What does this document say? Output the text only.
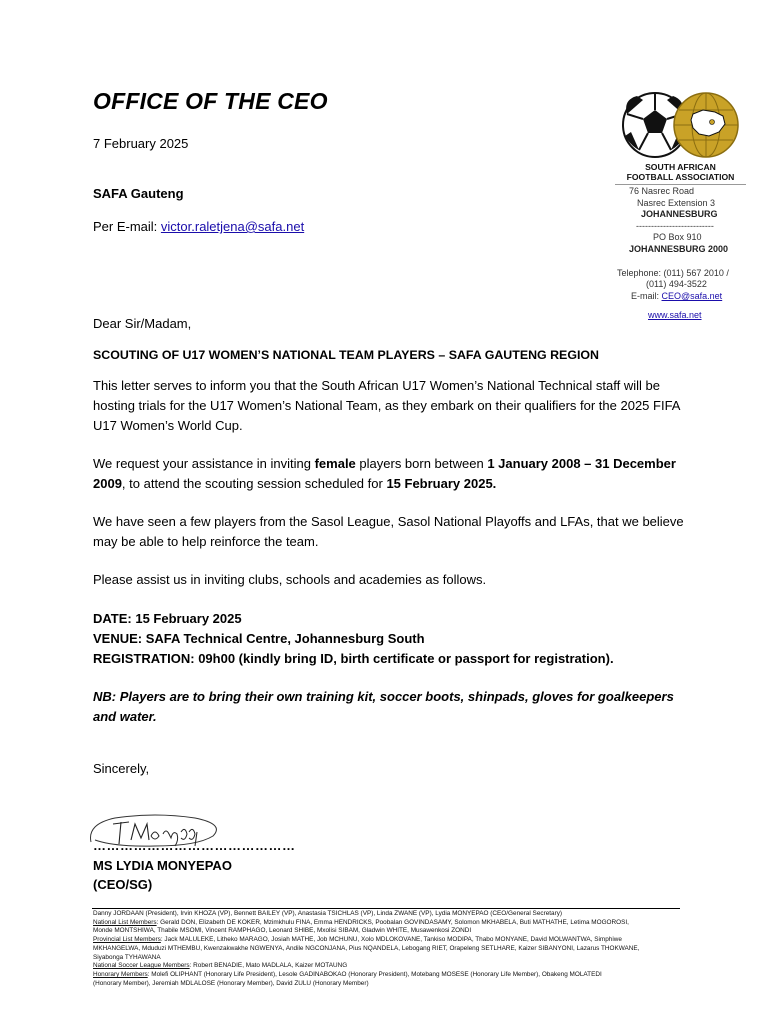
OFFICE OF THE CEO
7 February 2025
SAFA Gauteng
Per E-mail: victor.raletjena@safa.net
SOUTH AFRICAN
FOOTBALL ASSOCIATION
76 Nasrec Road
Nasrec Extension 3
JOHANNESBURG
--------------------------
PO Box 910
JOHANNESBURG 2000
Telephone: (011) 567 2010 /
(011) 494-3522
E-mail: CEO@safa.net
www.safa.net
Dear Sir/Madam,
SCOUTING OF U17 WOMEN’S NATIONAL TEAM PLAYERS – SAFA GAUTENG REGION
This letter serves to inform you that the South African U17 Women’s National Technical staff will be hosting trials for the U17 Women’s National Team, as they embark on their qualifiers for the 2025 FIFA U17 Women’s World Cup.
We request your assistance in inviting female players born between 1 January 2008 – 31 December 2009, to attend the scouting session scheduled for 15 February 2025.
We have seen a few players from the Sasol League, Sasol National Playoffs and LFAs, that we believe may be able to help reinforce the team.
Please assist us in inviting clubs, schools and academies as follows.
DATE: 15 February 2025
VENUE: SAFA Technical Centre, Johannesburg South
REGISTRATION: 09h00 (kindly bring ID, birth certificate or passport for registration).
NB: Players are to bring their own training kit, soccer boots, shinpads, gloves for goalkeepers and water.
Sincerely,
………………………………………
MS LYDIA MONYEPAO
(CEO/SG)
Danny JORDAAN (President), Irvin KHOZA (VP), Bennett BAILEY (VP), Anastasia TSICHLAS (VP), Linda ZWANE (VP), Lydia MONYEPAO (CEO/General Secretary)
National List Members: Gerald DON, Elizabeth DE KOKER, Mzimkhulu FINA, Emma HENDRICKS, Poobalan GOVINDASAMY, Solomon MKHABELA, Buti MATHATHE, Letima MOGOROSI,
Monde MONTSHIWA, Thabile MSOMI, Vincent RAMPHAGO, Leonard SHIBE, Mxolisi SIBAM, Gladwin WHITE, Musawenkosi ZONDI
Provincial List Members: Jack MALULEKE, Litheko MARAGO, Josiah MATHE, Job MCHUNU, Xolo MDLOKOVANE, Tankiso MODIPA, Thabo MONYANE, David MOLWANTWA, Simphiwe
MKHANGELWA, Mduduzi MTHEMBU, Kwenzakwakhe NGWENYA, Andile NGCONJANA, Pius NQANDELA, Lebogang RIET, Orapeleng SETLHARE, Kaizer SIBANYONI, Lazarus THOKWANE,
Siyabonga TYHAWANA
National Soccer League Members: Robert BENADIE, Mato MADLALA, Kaizer MOTAUNG
Honorary Members: Molefi OLIPHANT (Honorary Life President), Lesole GADINABOKAO (Honorary President), Motebang MOSESE (Honorary Life Member), Obakeng MOLATEDI
(Honorary Member), Jeremiah MDLALOSE (Honorary Member), David ZULU (Honorary Member)
